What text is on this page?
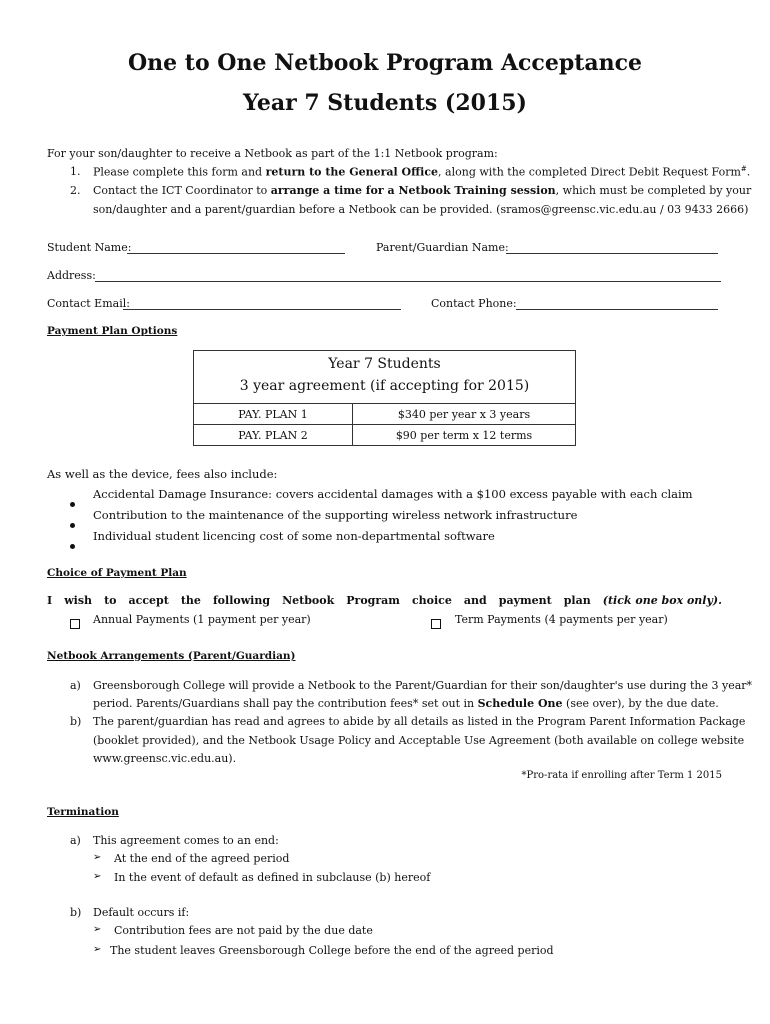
One to One Netbook Program Acceptance
Year 7 Students (2015)
For your son/daughter to receive a Netbook as part of the 1:1 Netbook program:
1. Please complete this form and return to the General Office, along with the completed Direct Debit Request Form#.
2. Contact the ICT Coordinator to arrange a time for a Netbook Training session, which must be completed by your
son/daughter and a parent/guardian before a Netbook can be provided. (sramos@greensc.vic.edu.au / 03 9433 2666)
Student Name:	Parent/Guardian Name:
Address:
Contact Email:	Contact Phone:
Payment Plan Options
Year 7 Students
3 year agreement (if accepting for 2015)
PAY. PLAN 1	$340 per year x 3 years
PAY. PLAN 2	$90 per term x 12 terms
As well as the device, fees also include:
Accidental Damage Insurance: covers accidental damages with a $100 excess payable with each claim
Contribution to the maintenance of the supporting wireless network infrastructure
Individual student licencing cost of some non-departmental software
Choice of Payment Plan
I wish to accept the following Netbook Program choice and payment plan (tick one box only).
Annual Payments (1 payment per year)	Term Payments (4 payments per year)
Netbook Arrangements (Parent/Guardian)
a) Greensborough College will provide a Netbook to the Parent/Guardian for their son/daughter's use during the 3 year*
period. Parents/Guardians shall pay the contribution fees* set out in Schedule One (see over), by the due date.
b) The parent/guardian has read and agrees to abide by all details as listed in the Program Parent Information Package
(booklet provided), and the Netbook Usage Policy and Acceptable Use Agreement (both available on college website
www.greensc.vic.edu.au).
*Pro-rata if enrolling after Term 1 2015
Termination
a) This agreement comes to an end:
➢ At the end of the agreed period
➢ In the event of default as defined in subclause (b) hereof
b) Default occurs if:
➢ Contribution fees are not paid by the due date
➢ The student leaves Greensborough College before the end of the agreed period
